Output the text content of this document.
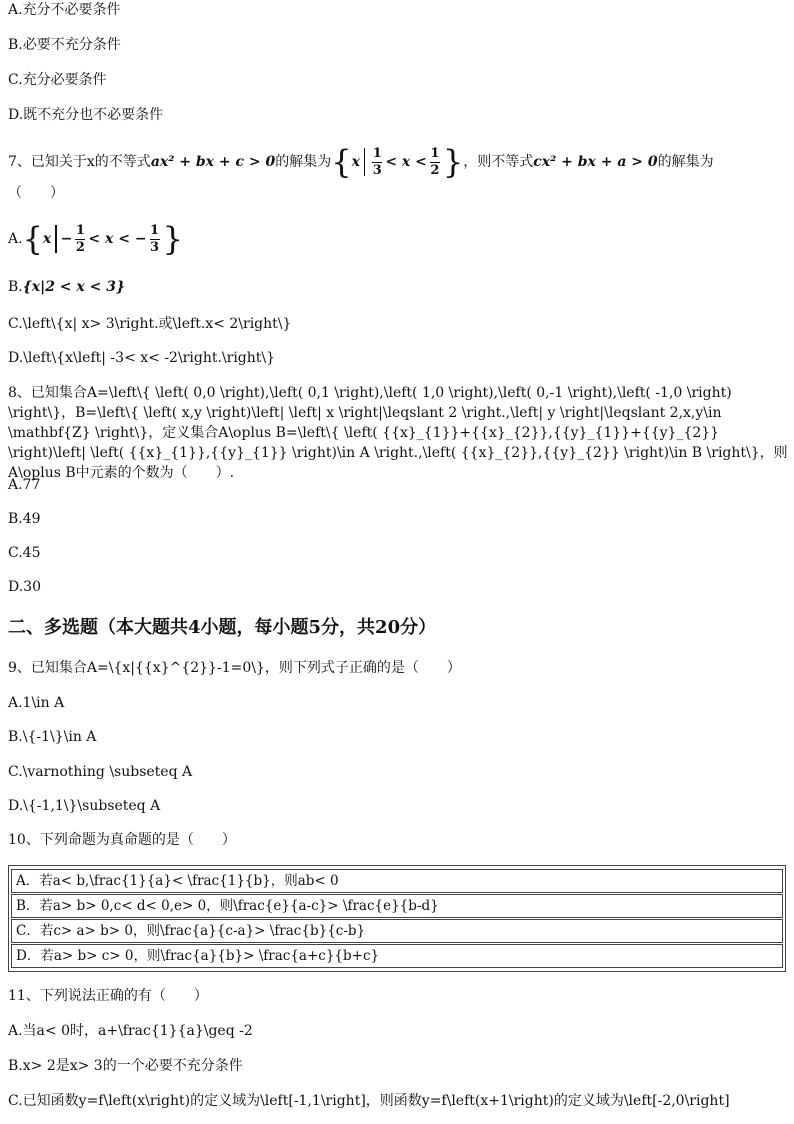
A.充分不必要条件
B.必要不充分条件
C.充分必要条件
D.既不充分也不必要条件
7、已知关于x的不等式 ax² + bx + c > 0 的解集为 { x $\frac{1}{3} < x < \frac{1}{2}$ } ，则不等式 cx² + bx + a > 0 的解集为
（　　）
A. { $x - \frac{1}{2} < x$ < − $\frac{1}{3}$ }
B.{x|2 < x < 3}
C.\left\{x| x> 3\right.或\left.x< 2\right\}
D.\left\{x\left| -3< x< -2\right.\right\}
8、已知集合A=\left\{ \left( 0,0 \right),\left( 0,1 \right),\left( 1,0 \right),\left( 0,-1 \right),\left( -1,0 \right) \right\}，B=\left\{ \left( x,y \right)\left| \left| x \right|\leqslant 2 \right.,\left| y \right|\leqslant 2,x,y\in \mathbf{Z} \right\}，定义集合A\oplus B=\left\{ \left( {{x}_{1}}+{{x}_{2}},{{y}_{1}}+{{y}_{2}} \right)\left| \left( {{x}_{1}},{{y}_{1}} \right)\in A \right.,\left( {{x}_{2}},{{y}_{2}} \right)\in B \right\}，则A\oplus B中元素的个数为（　　）.
A.77
B.49
C.45
D.30
二、多选题（本大题共4小题，每小题5分，共20分）
9、已知集合A=\{x|{{x}^{2}}-1=0\}，则下列式子正确的是（　　）
A.1\in A
B.\{-1\}\in A
C.\varnothing \subseteq A
D.\{-1,1\}\subseteq A
10、下列命题为真命题的是（　　）
A．若a< b,\frac{1}{a}< \frac{1}{b}，则ab< 0
B．若a> b> 0,c< d< 0,e> 0，则\frac{e}{a-c}> \frac{e}{b-d}
C．若c> a> b> 0，则\frac{a}{c-a}> \frac{b}{c-b}
D．若a> b> c> 0，则\frac{a}{b}> \frac{a+c}{b+c}
11、下列说法正确的有（　　）
A.当a< 0时，a+\frac{1}{a}\geq -2
B.x> 2是x> 3的一个必要不充分条件
C.已知函数y=f\left(x\right)的定义域为\left[-1,1\right]，则函数y=f\left(x+1\right)的定义域为\left[-2,0\right]
